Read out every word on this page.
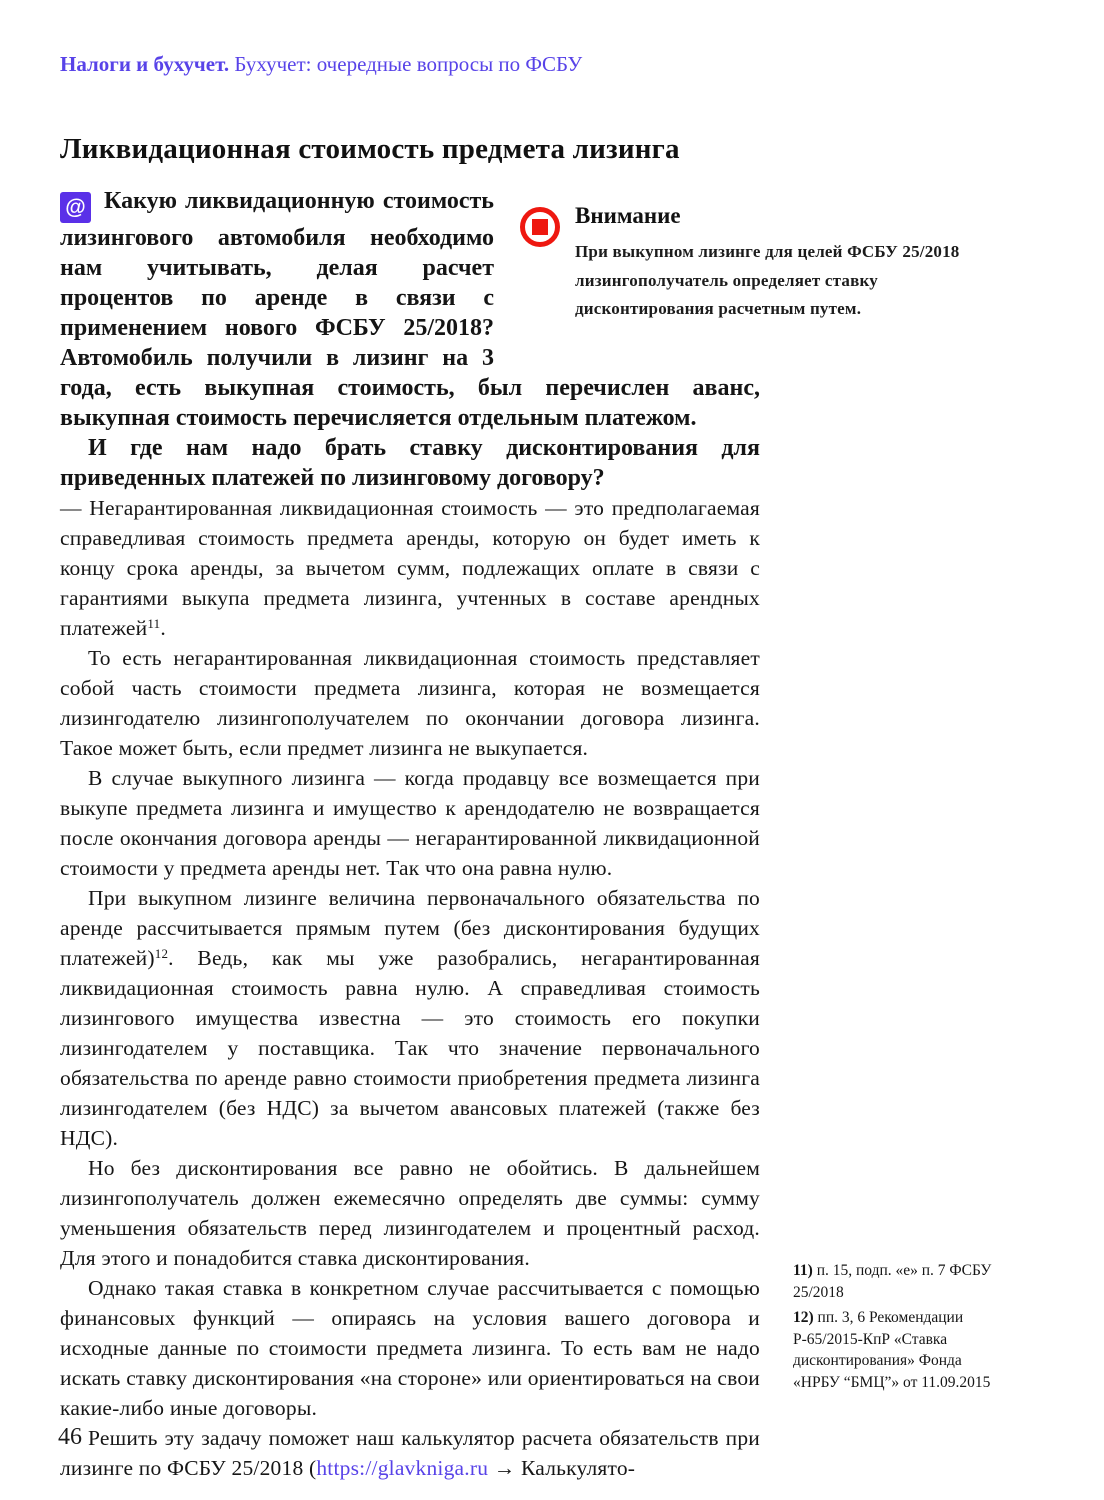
Налоги и бухучет. Бухучет: очередные вопросы по ФСБУ
Ликвидационная стоимость предмета лизинга
Внимание
При выкупном лизинге для целей ФСБУ 25/2018 лизингополучатель определяет ставку дисконтирования расчетным путем.

@ Какую ликвидационную стоимость лизингового автомобиля необходимо нам учитывать, делая расчет процентов по аренде в связи с применением нового ФСБУ 25/2018? Автомобиль получили в лизинг на 3 года, есть выкупная стоимость, был перечислен аванс, выкупная стоимость перечисляется отдельным платежом.

И где нам надо брать ставку дисконтирования для приведенных платежей по лизинговому договору?

— Негарантированная ликвидационная стоимость — это предполагаемая справедливая стоимость предмета аренды, которую он будет иметь к концу срока аренды, за вычетом сумм, подлежащих оплате в связи с гарантиями выкупа предмета лизинга, учтенных в составе арендных платежей$^{11}$.

То есть негарантированная ликвидационная стоимость представляет собой часть стоимости предмета лизинга, которая не возмещается лизингодателю лизингополучателем по окончании договора лизинга. Такое может быть, если предмет лизинга не выкупается.

В случае выкупного лизинга — когда продавцу все возмещается при выкупе предмета лизинга и имущество к арендодателю не возвращается после окончания договора аренды — негарантированной ликвидационной стоимости у предмета аренды нет. Так что она равна нулю.

При выкупном лизинге величина первоначального обязательства по аренде рассчитывается прямым путем (без дисконтирования будущих платежей)$^{12}$. Ведь, как мы уже разобрались, негарантированная ликвидационная стоимость равна нулю. А справедливая стоимость лизингового имущества известна — это стоимость его покупки лизингодателем у поставщика. Так что значение первоначального обязательства по аренде равно стоимости приобретения предмета лизинга лизингодателем (без НДС) за вычетом авансовых платежей (также без НДС).

Но без дисконтирования все равно не обойтись. В дальнейшем лизингополучатель должен ежемесячно определять две суммы: сумму уменьшения обязательств перед лизингодателем и процентный расход. Для этого и понадобится ставка дисконтирования.

Однако такая ставка в конкретном случае рассчитывается с помощью финансовых функций — опираясь на условия вашего договора и исходные данные по стоимости предмета лизинга. То есть вам не надо искать ставку дисконтирования «на стороне» или ориентироваться на свои какие-либо иные договоры.

Решить эту задачу поможет наш калькулятор расчета обязательств при лизинге по ФСБУ 25/2018 (https://glavkniga.ru → Калькулято-

11) п. 15, подп. «е» п. 7 ФСБУ 25/2018

12) пп. 3, 6 Рекомендации Р-65/2015-КпР «Ставка дисконтирования» Фонда «НРБУ “БМЦ”» от 11.09.2015

46
